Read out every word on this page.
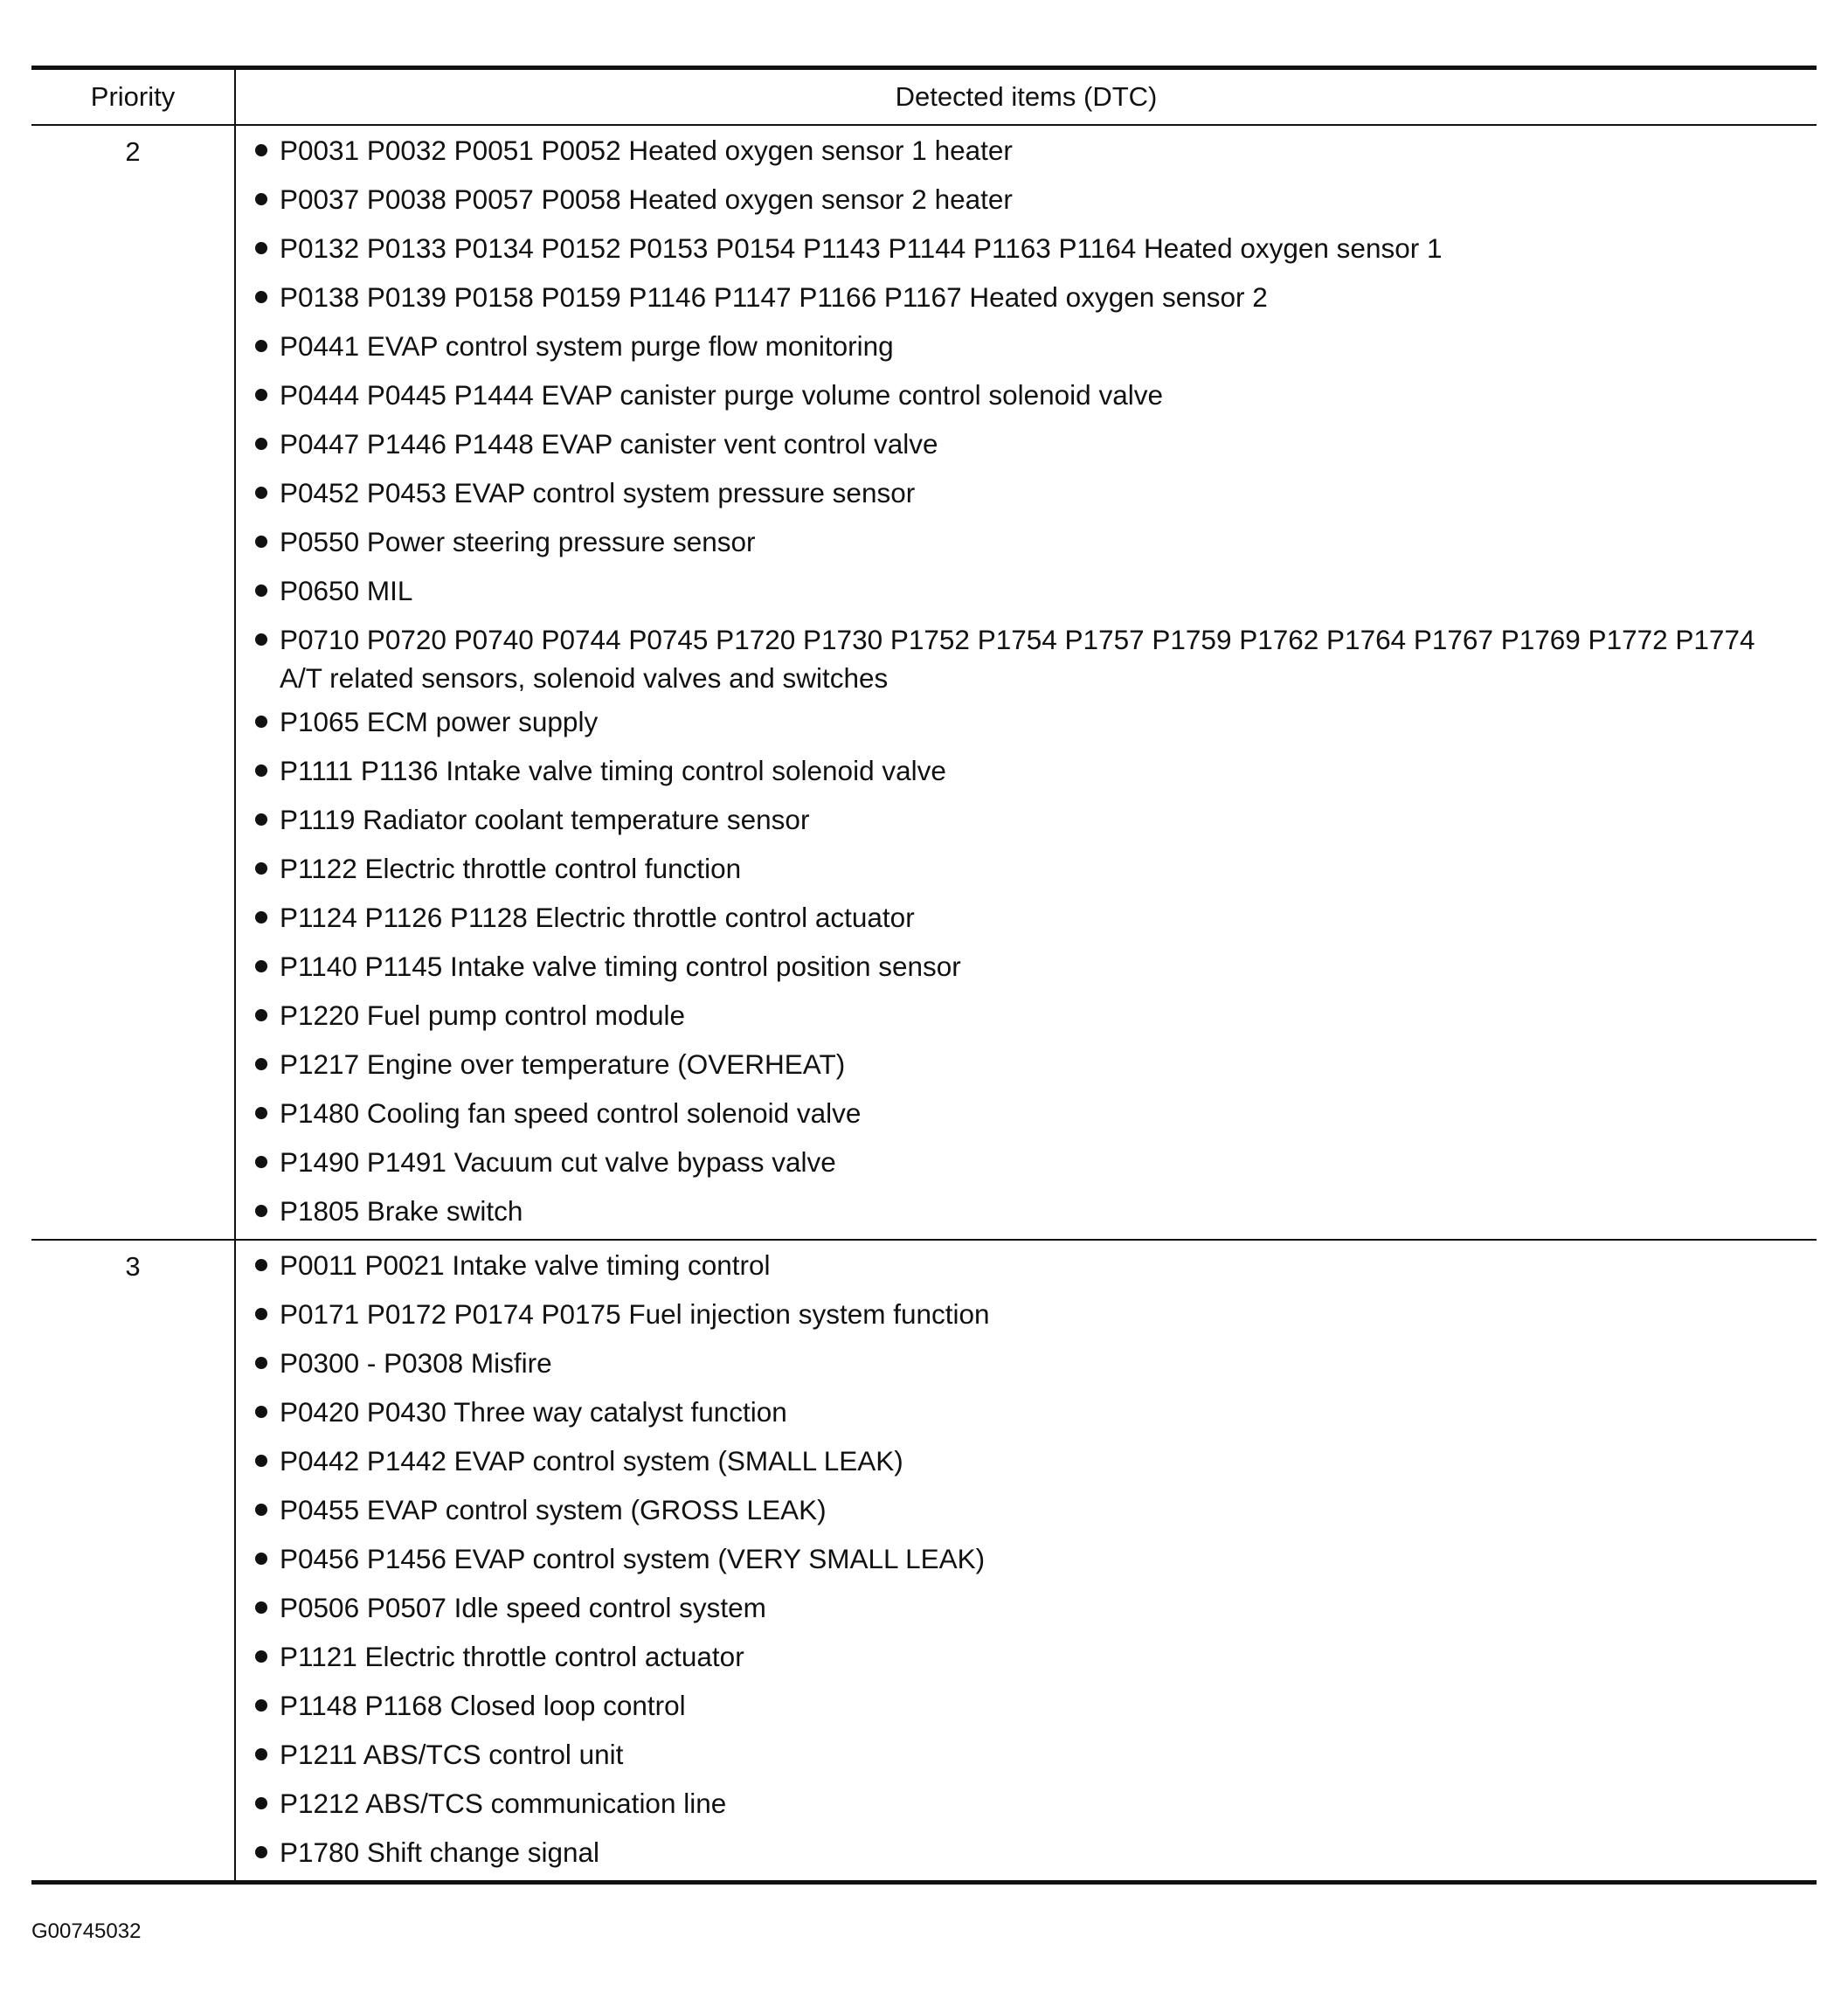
Priority	Detected items (DTC)
2	P0031 P0032 P0051 P0052 Heated oxygen sensor 1 heater
P0037 P0038 P0057 P0058 Heated oxygen sensor 2 heater
P0132 P0133 P0134 P0152 P0153 P0154 P1143 P1144 P1163 P1164 Heated oxygen sensor 1
P0138 P0139 P0158 P0159 P1146 P1147 P1166 P1167 Heated oxygen sensor 2
P0441 EVAP control system purge flow monitoring
P0444 P0445 P1444 EVAP canister purge volume control solenoid valve
P0447 P1446 P1448 EVAP canister vent control valve
P0452 P0453 EVAP control system pressure sensor
P0550 Power steering pressure sensor
P0650 MIL
P0710 P0720 P0740 P0744 P0745 P1720 P1730 P1752 P1754 P1757 P1759 P1762 P1764 P1767 P1769 P1772 P1774 A/T related sensors, solenoid valves and switches
P1065 ECM power supply
P1111 P1136 Intake valve timing control solenoid valve
P1119 Radiator coolant temperature sensor
P1122 Electric throttle control function
P1124 P1126 P1128 Electric throttle control actuator
P1140 P1145 Intake valve timing control position sensor
P1220 Fuel pump control module
P1217 Engine over temperature (OVERHEAT)
P1480 Cooling fan speed control solenoid valve
P1490 P1491 Vacuum cut valve bypass valve
P1805 Brake switch
3	P0011 P0021 Intake valve timing control
P0171 P0172 P0174 P0175 Fuel injection system function
P0300 - P0308 Misfire
P0420 P0430 Three way catalyst function
P0442 P1442 EVAP control system (SMALL LEAK)
P0455 EVAP control system (GROSS LEAK)
P0456 P1456 EVAP control system (VERY SMALL LEAK)
P0506 P0507 Idle speed control system
P1121 Electric throttle control actuator
P1148 P1168 Closed loop control
P1211 ABS/TCS control unit
P1212 ABS/TCS communication line
P1780 Shift change signal
G00745032
